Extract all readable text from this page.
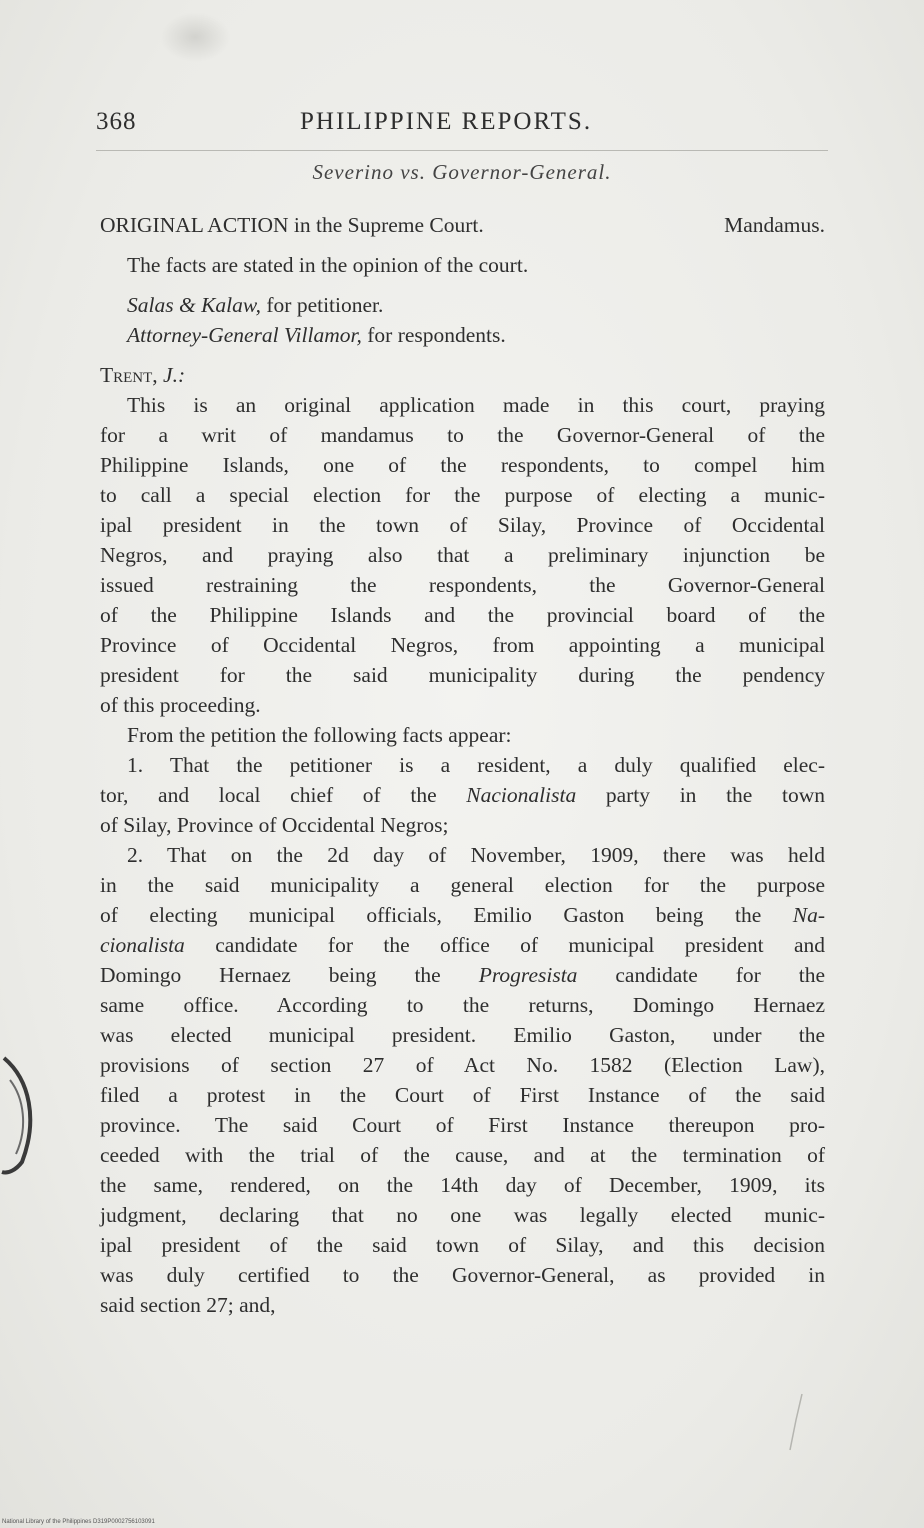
368	PHILIPPINE REPORTS.
Severino vs. Governor-General.
ORIGINAL ACTION in the Supreme Court.	Mandamus.

The facts are stated in the opinion of the court.

Salas & Kalaw, for petitioner.

Attorney-General Villamor, for respondents.

Trent, J.:

This is an original application made in this court, praying

for a writ of mandamus to the Governor-General of the

Philippine Islands, one of the respondents, to compel him

to call a special election for the purpose of electing a munic-

ipal president in the town of Silay, Province of Occidental

Negros, and praying also that a preliminary injunction be

issued restraining the respondents, the Governor-General

of the Philippine Islands and the provincial board of the

Province of Occidental Negros, from appointing a municipal

president for the said municipality during the pendency

of this proceeding.

From the petition the following facts appear:

1. That the petitioner is a resident, a duly qualified elec-

tor, and local chief of the Nacionalista party in the town

of Silay, Province of Occidental Negros;

2. That on the 2d day of November, 1909, there was held

in the said municipality a general election for the purpose

of electing municipal officials, Emilio Gaston being the Na-

cionalista candidate for the office of municipal president and

Domingo Hernaez being the Progresista candidate for the

same office. According to the returns, Domingo Hernaez

was elected municipal president. Emilio Gaston, under the

provisions of section 27 of Act No. 1582 (Election Law),

filed a protest in the Court of First Instance of the said

province. The said Court of First Instance thereupon pro-

ceeded with the trial of the cause, and at the termination of

the same, rendered, on the 14th day of December, 1909, its

judgment, declaring that no one was legally elected munic-

ipal president of the said town of Silay, and this decision

was duly certified to the Governor-General, as provided in

said section 27; and,

National Library of the Philippines D319P0002756103091
